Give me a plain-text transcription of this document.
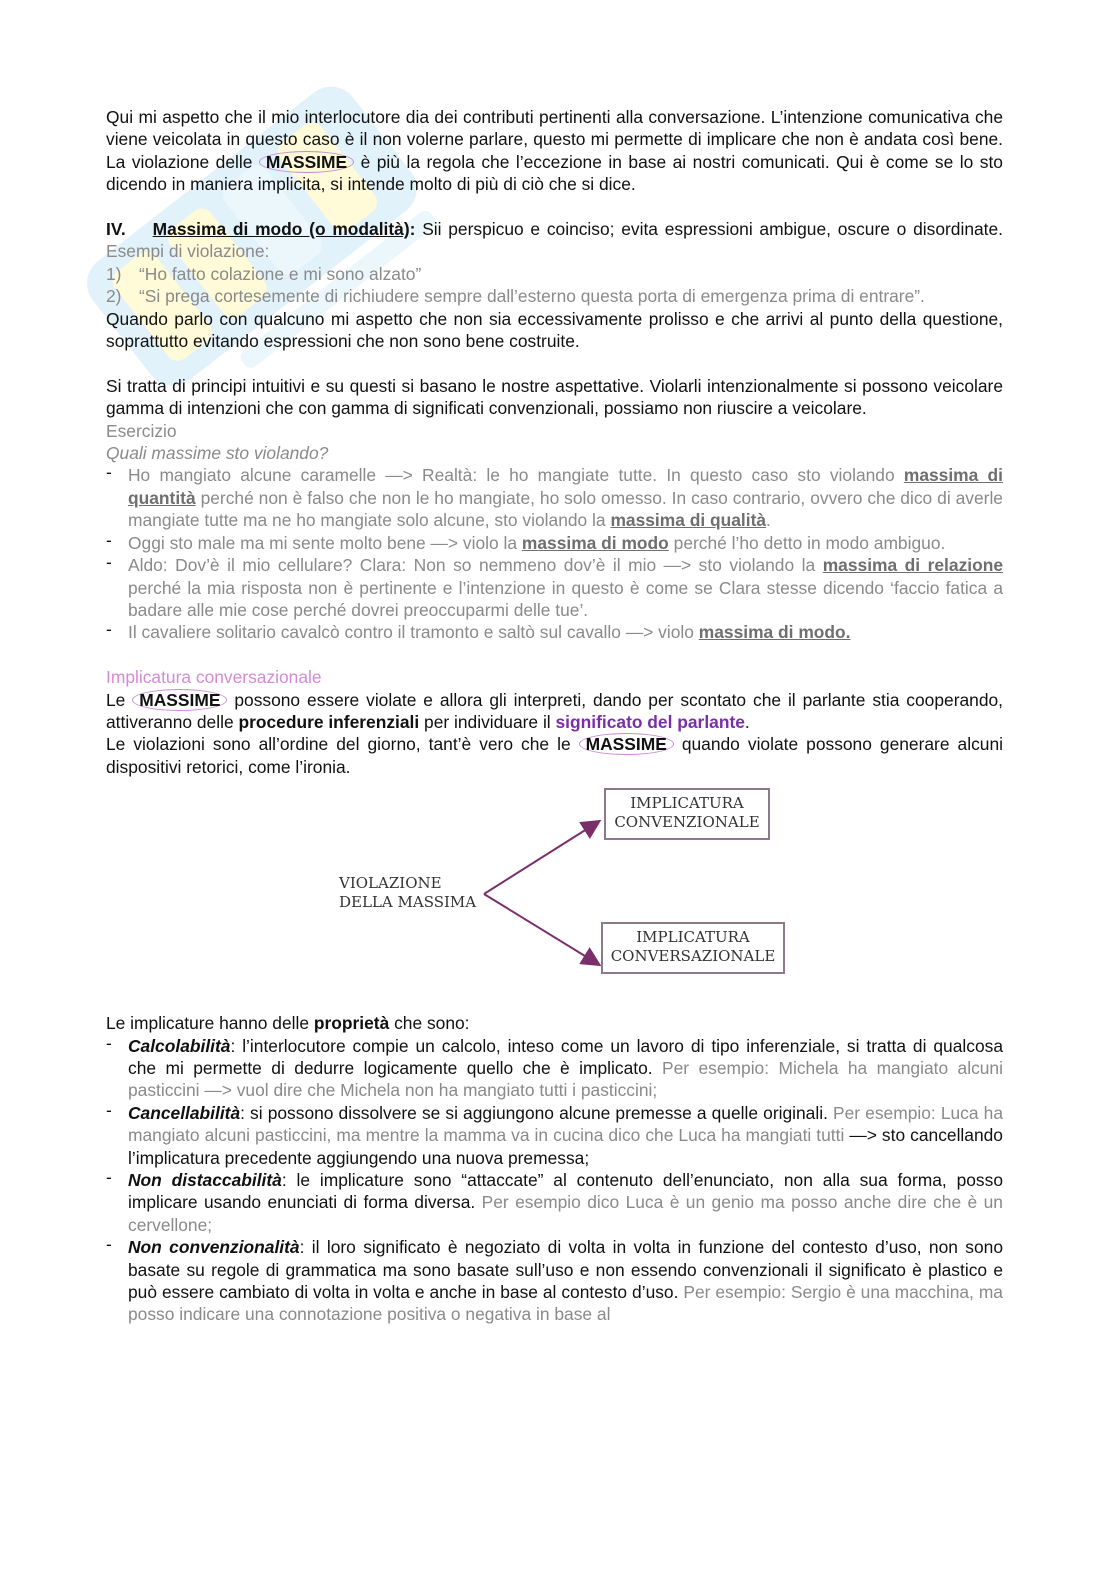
Qui mi aspetto che il mio interlocutore dia dei contributi pertinenti alla conversazione. L’intenzione comunicativa che viene veicolata in questo caso è il non volerne parlare, questo mi permette di implicare che non è andata così bene. La violazione delle MASSIME è più la regola che l’eccezione in base ai nostri comunicati. Qui è come se lo sto dicendo in maniera implicita, si intende molto di più di ciò che si dice.

IV. Massima di modo (o modalità): Sii perspicuo e coinciso; evita espressioni ambigue, oscure o disordinate. Esempi di violazione:

1) “Ho fatto colazione e mi sono alzato”
2) “Si prega cortesemente di richiudere sempre dall’esterno questa porta di emergenza prima di entrare”.

Quando parlo con qualcuno mi aspetto che non sia eccessivamente prolisso e che arrivi al punto della questione, soprattutto evitando espressioni che non sono bene costruite.

Si tratta di principi intuitivi e su questi si basano le nostre aspettative. Violarli intenzionalmente si possono veicolare gamma di intenzioni che con gamma di significati convenzionali, possiamo non riuscire a veicolare.

Esercizio

Quali massime sto violando?

- Ho mangiato alcune caramelle —> Realtà: le ho mangiate tutte. In questo caso sto violando massima di quantità perché non è falso che non le ho mangiate, ho solo omesso. In caso contrario, ovvero che dico di averle mangiate tutte ma ne ho mangiate solo alcune, sto violando la massima di qualità.
- Oggi sto male ma mi sente molto bene —> violo la massima di modo perché l’ho detto in modo ambiguo.
- Aldo: Dov’è il mio cellulare? Clara: Non so nemmeno dov’è il mio —> sto violando la massima di relazione perché la mia risposta non è pertinente e l’intenzione in questo è come se Clara stesse dicendo ‘faccio fatica a badare alle mie cose perché dovrei preoccuparmi delle tue’.
- Il cavaliere solitario cavalcò contro il tramonto e saltò sul cavallo —> violo massima di modo.

Implicatura conversazionale

Le MASSIME possono essere violate e allora gli interpreti, dando per scontato che il parlante stia cooperando, attiveranno delle procedure inferenziali per individuare il significato del parlante.

Le violazioni sono all’ordine del giorno, tant’è vero che le MASSIME quando violate possono generare alcuni dispositivi retorici, come l’ironia.

VIOLAZIONE
DELLA MASSIMA
IMPLICATURA
CONVENZIONALE
IMPLICATURA
CONVERSAZIONALE

Le implicature hanno delle proprietà che sono:

- Calcolabilità: l’interlocutore compie un calcolo, inteso come un lavoro di tipo inferenziale, si tratta di qualcosa che mi permette di dedurre logicamente quello che è implicato. Per esempio: Michela ha mangiato alcuni pasticcini —> vuol dire che Michela non ha mangiato tutti i pasticcini;
- Cancellabilità: si possono dissolvere se si aggiungono alcune premesse a quelle originali. Per esempio: Luca ha mangiato alcuni pasticcini, ma mentre la mamma va in cucina dico che Luca ha mangiati tutti —> sto cancellando l’implicatura precedente aggiungendo una nuova premessa;
- Non distaccabilità: le implicature sono “attaccate” al contenuto dell’enunciato, non alla sua forma, posso implicare usando enunciati di forma diversa. Per esempio dico Luca è un genio ma posso anche dire che è un cervellone;
- Non convenzionalità: il loro significato è negoziato di volta in volta in funzione del contesto d’uso, non sono basate su regole di grammatica ma sono basate sull’uso e non essendo convenzionali il significato è plastico e può essere cambiato di volta in volta e anche in base al contesto d’uso. Per esempio: Sergio è una macchina, ma posso indicare una connotazione positiva o negativa in base al
